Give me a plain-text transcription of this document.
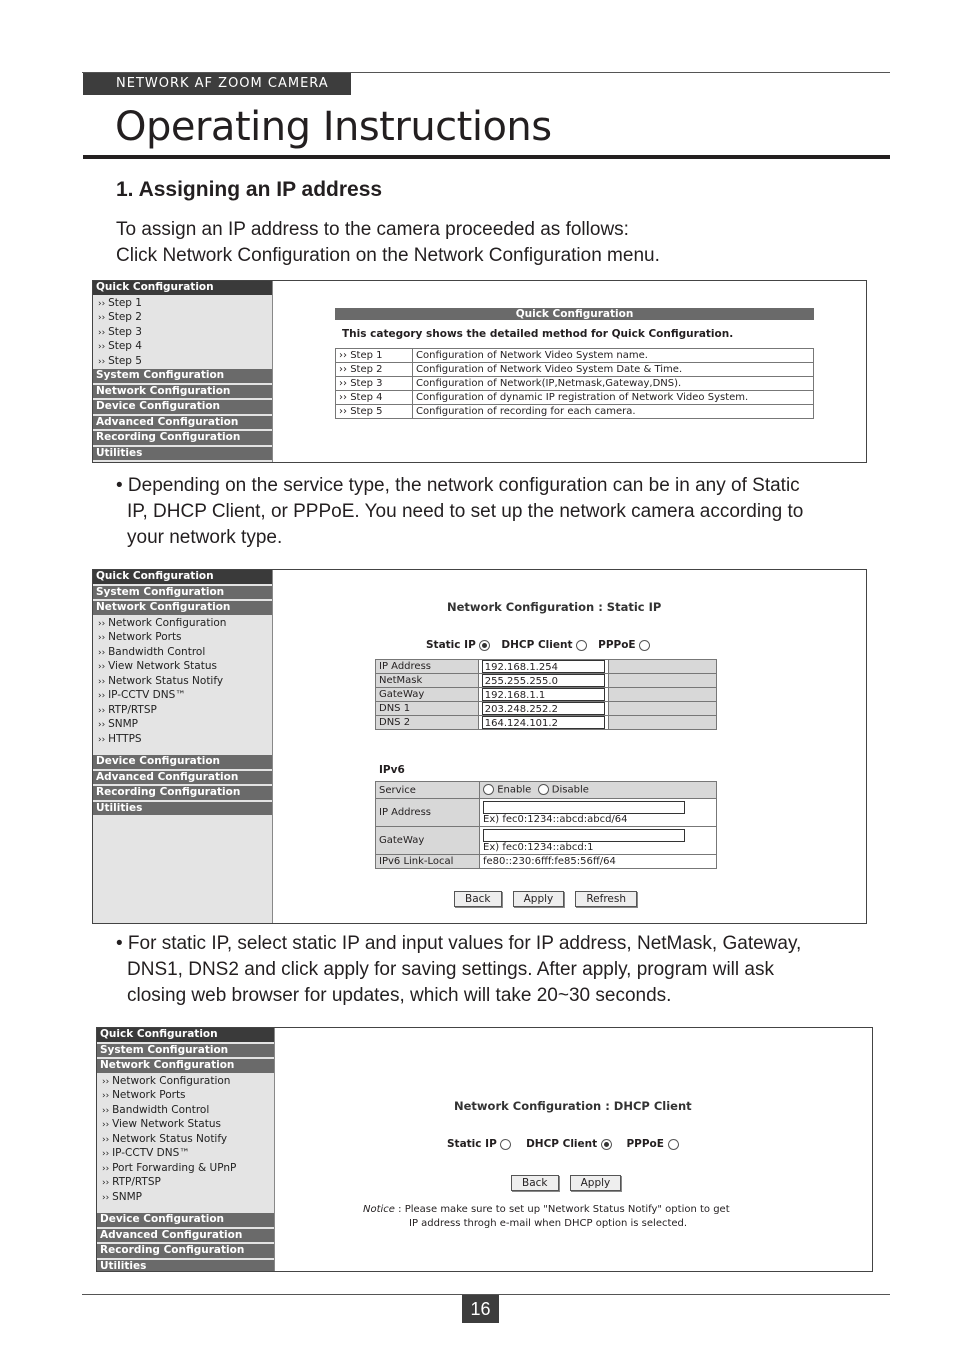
NETWORK AF ZOOM CAMERA
Operating Instructions
1. Assigning an IP address
To assign an IP address to the camera proceeded as follows:
Click Network Configuration on the Network Configuration menu.
Quick Configuration
›› Step 1
›› Step 2
›› Step 3
›› Step 4
›› Step 5
System Configuration
Network Configuration
Device Configuration
Advanced Configuration
Recording Configuration
Utilities
Quick Configuration
This category shows the detailed method for Quick Configuration.
›› Step 1	Configuration of Network Video System name.
›› Step 2	Configuration of Network Video System Date & Time.
›› Step 3	Configuration of Network(IP,Netmask,Gateway,DNS).
›› Step 4	Configuration of dynamic IP registration of Network Video System.
›› Step 5	Configuration of recording for each camera.
• Depending on the service type, the network configuration can be in any of Static
IP, DHCP Client, or PPPoE. You need to set up the network camera according to
your network type.
Quick Configuration
System Configuration
Network Configuration
›› Network Configuration
›› Network Ports
›› Bandwidth Control
›› View Network Status
›› Network Status Notify
›› IP-CCTV DNS™
›› RTP/RTSP
›› SNMP
›› HTTPS
Device Configuration
Advanced Configuration
Recording Configuration
Utilities
Network Configuration : Static IP
Static IP DHCP Client PPPoE
IP Address	192.168.1.254	
NetMask	255.255.255.0	
GateWay	192.168.1.1	
DNS 1	203.248.252.2	
DNS 2	164.124.101.2	
IPv6
Service	Enable Disable
IP Address	Ex) fec0:1234::abcd:abcd/64

GateWay	Ex) fec0:1234::abcd:1

IPv6 Link-Local	fe80::230:6fff:fe85:56ff/64
Back	Apply	Refresh
• For static IP, select static IP and input values for IP address, NetMask, Gateway,
DNS1, DNS2 and click apply for saving settings. After apply, program will ask
closing web browser for updates, which will take 20~30 seconds.
Quick Configuration
System Configuration
Network Configuration
›› Network Configuration
›› Network Ports
›› Bandwidth Control
›› View Network Status
›› Network Status Notify
›› IP-CCTV DNS™
›› Port Forwarding & UPnP
›› RTP/RTSP
›› SNMP
Device Configuration
Advanced Configuration
Recording Configuration
Utilities
Network Configuration : DHCP Client
Static IP	DHCP Client	PPPoE
Back	Apply
Notice : Please make sure to set up "Network Status Notify" option to get
IP address throgh e-mail when DHCP option is selected.
16
